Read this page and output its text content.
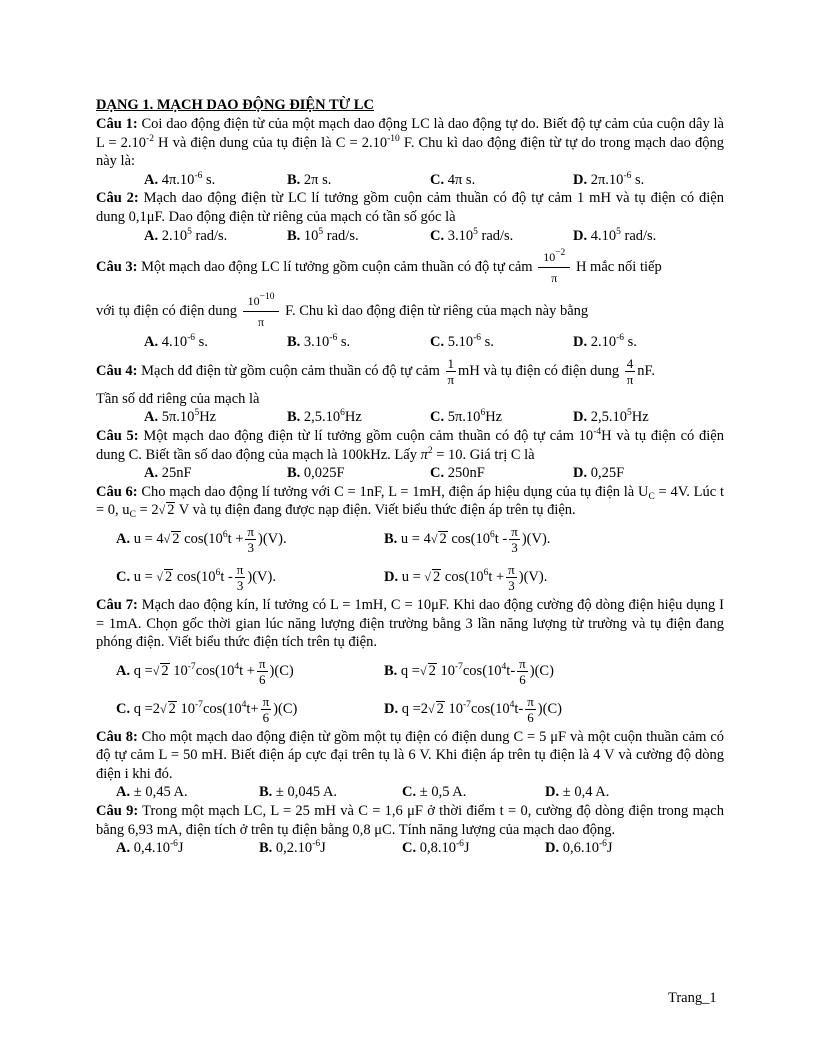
DẠNG 1. MẠCH DAO ĐỘNG ĐIỆN TỪ LC

Câu 1: Coi dao động điện từ của một mạch dao động LC là dao động tự do. Biết độ tự cảm của cuộn dây là $L = 2.10^{-2}$ H và điện dung của tụ điện là $C = 2.10^{-10}$ F. Chu kì dao động điện từ tự do trong mạch dao động này là:

A. $4\pi.10^{-6}$ s.	B. 2π s.	C. 4π s.	D. $2\pi.10^{-6}$ s.

Câu 2: Mạch dao động điện từ LC lí tưởng gồm cuộn cảm thuần có độ tự cảm 1 mH và tụ điện có điện dung 0,1μF. Dao động điện từ riêng của mạch có tần số góc là

A. 2.10$^5$ rad/s.	B. $10^5$ rad/s.	C. 3.10$^5$ rad/s.	D. 4.10$^5$ rad/s.

Câu 3: Một mạch dao động LC lí tưởng gồm cuộn cảm thuần có độ tự cảm $\frac{10^{-2}}{\pi}$ H mắc nối tiếp

với tụ điện có điện dung $\frac{10^{-10}}{\pi} F$. Chu kì dao động điện từ riêng của mạch này bằng

A. $4.10^{-6}$ s.	B. $3.10^{-6}$ s.	C. $5.10^{-6}$ s.	D. $2.10^{-6}$ s.

Câu 4: Mạch dđ điện từ gồm cuộn cảm thuần có độ tự cảm $\frac{1}{\pi}$ mH và tụ điện có điện dung $\frac{4}{\pi}$ nF.

Tần số dđ riêng của mạch là

A. $5\pi.10^5Hz$	B. 2,5.10$^6$Hz	C. $5\pi.10^6Hz$	D. 2,5.10$^5$Hz

Câu 5: Một mạch dao động điện từ lí tưởng gồm cuộn cảm thuần có độ tự cảm $10^{-4}H$ và tụ điện có điện dung C. Biết tần số dao động của mạch là 100kHz. Lấy $\pi^2 = 10$. Giá trị C là

A. 25nF	B. 0,025F	C. 250nF	D. 0,25F

Câu 6: Cho mạch dao động lí tưởng với C = 1nF, L = 1mH, điện áp hiệu dụng của tụ điện là $U_C = 4V$. Lúc t = 0, $u_C = 2√$ 2 V và tụ điện đang được nạp điện. Viết biểu thức điện áp trên tụ điện.

A. u = 4√ 2 $\cos(10^6t + \frac{\pi}{3} )(V)$.	B. u = 4√ 2 $\cos(10^6t - \frac{\pi}{3} )(V)$.
C. u = √ 2 $\cos(10^6t - \frac{\pi}{3} )(V)$.	D. u = √ 2 $\cos(10^6t + \frac{\pi}{3} )(V)$.

Câu 7: Mạch dao động kín, lí tưởng có L = 1mH, C = 10μF. Khi dao động cường độ dòng điện hiệu dụng I = 1mA. Chọn gốc thời gian lúc năng lượng điện trường bằng 3 lần năng lượng từ trường và tụ điện đang phóng điện. Viết biểu thức điện tích trên tụ điện.

A. q =√ 2 $10^{-7}\cos(10^4t + \frac{\pi}{6} )(C)$	B. q =√ 2 $10^{-7}\cos(10^4t- \frac{\pi}{6} )(C)$
C. q =2√ 2 $10^{-7}\cos(10^4t+ \frac{\pi}{6} )(C)$	D. q =2√ 2 $10^{-7}\cos(10^4t- \frac{\pi}{6} )(C)$

Câu 8: Cho một mạch dao động điện từ gồm một tụ điện có điện dung C = 5 μF và một cuộn thuần cảm có độ tự cảm L = 50 mH. Biết điện áp cực đại trên tụ là 6 V. Khi điện áp trên tụ điện là 4 V và cường độ dòng điện i khi đó.

A. ± 0,45 A.	B. ± 0,045 A.	C. ± 0,5 A.	D. ± 0,4 A.

Câu 9: Trong một mạch LC, L = 25 mH và C = 1,6 μF ở thời điểm t = 0, cường độ dòng điện trong mạch bằng 6,93 mA, điện tích ở trên tụ điện bằng 0,8 μC. Tính năng lượng của mạch dao động.

A. $0,4.10^{-6}J$	B. $0,2.10^{-6}J$	C. $0,8.10^{-6}J$	D. $0,6.10^{-6}J$
Trang_1
